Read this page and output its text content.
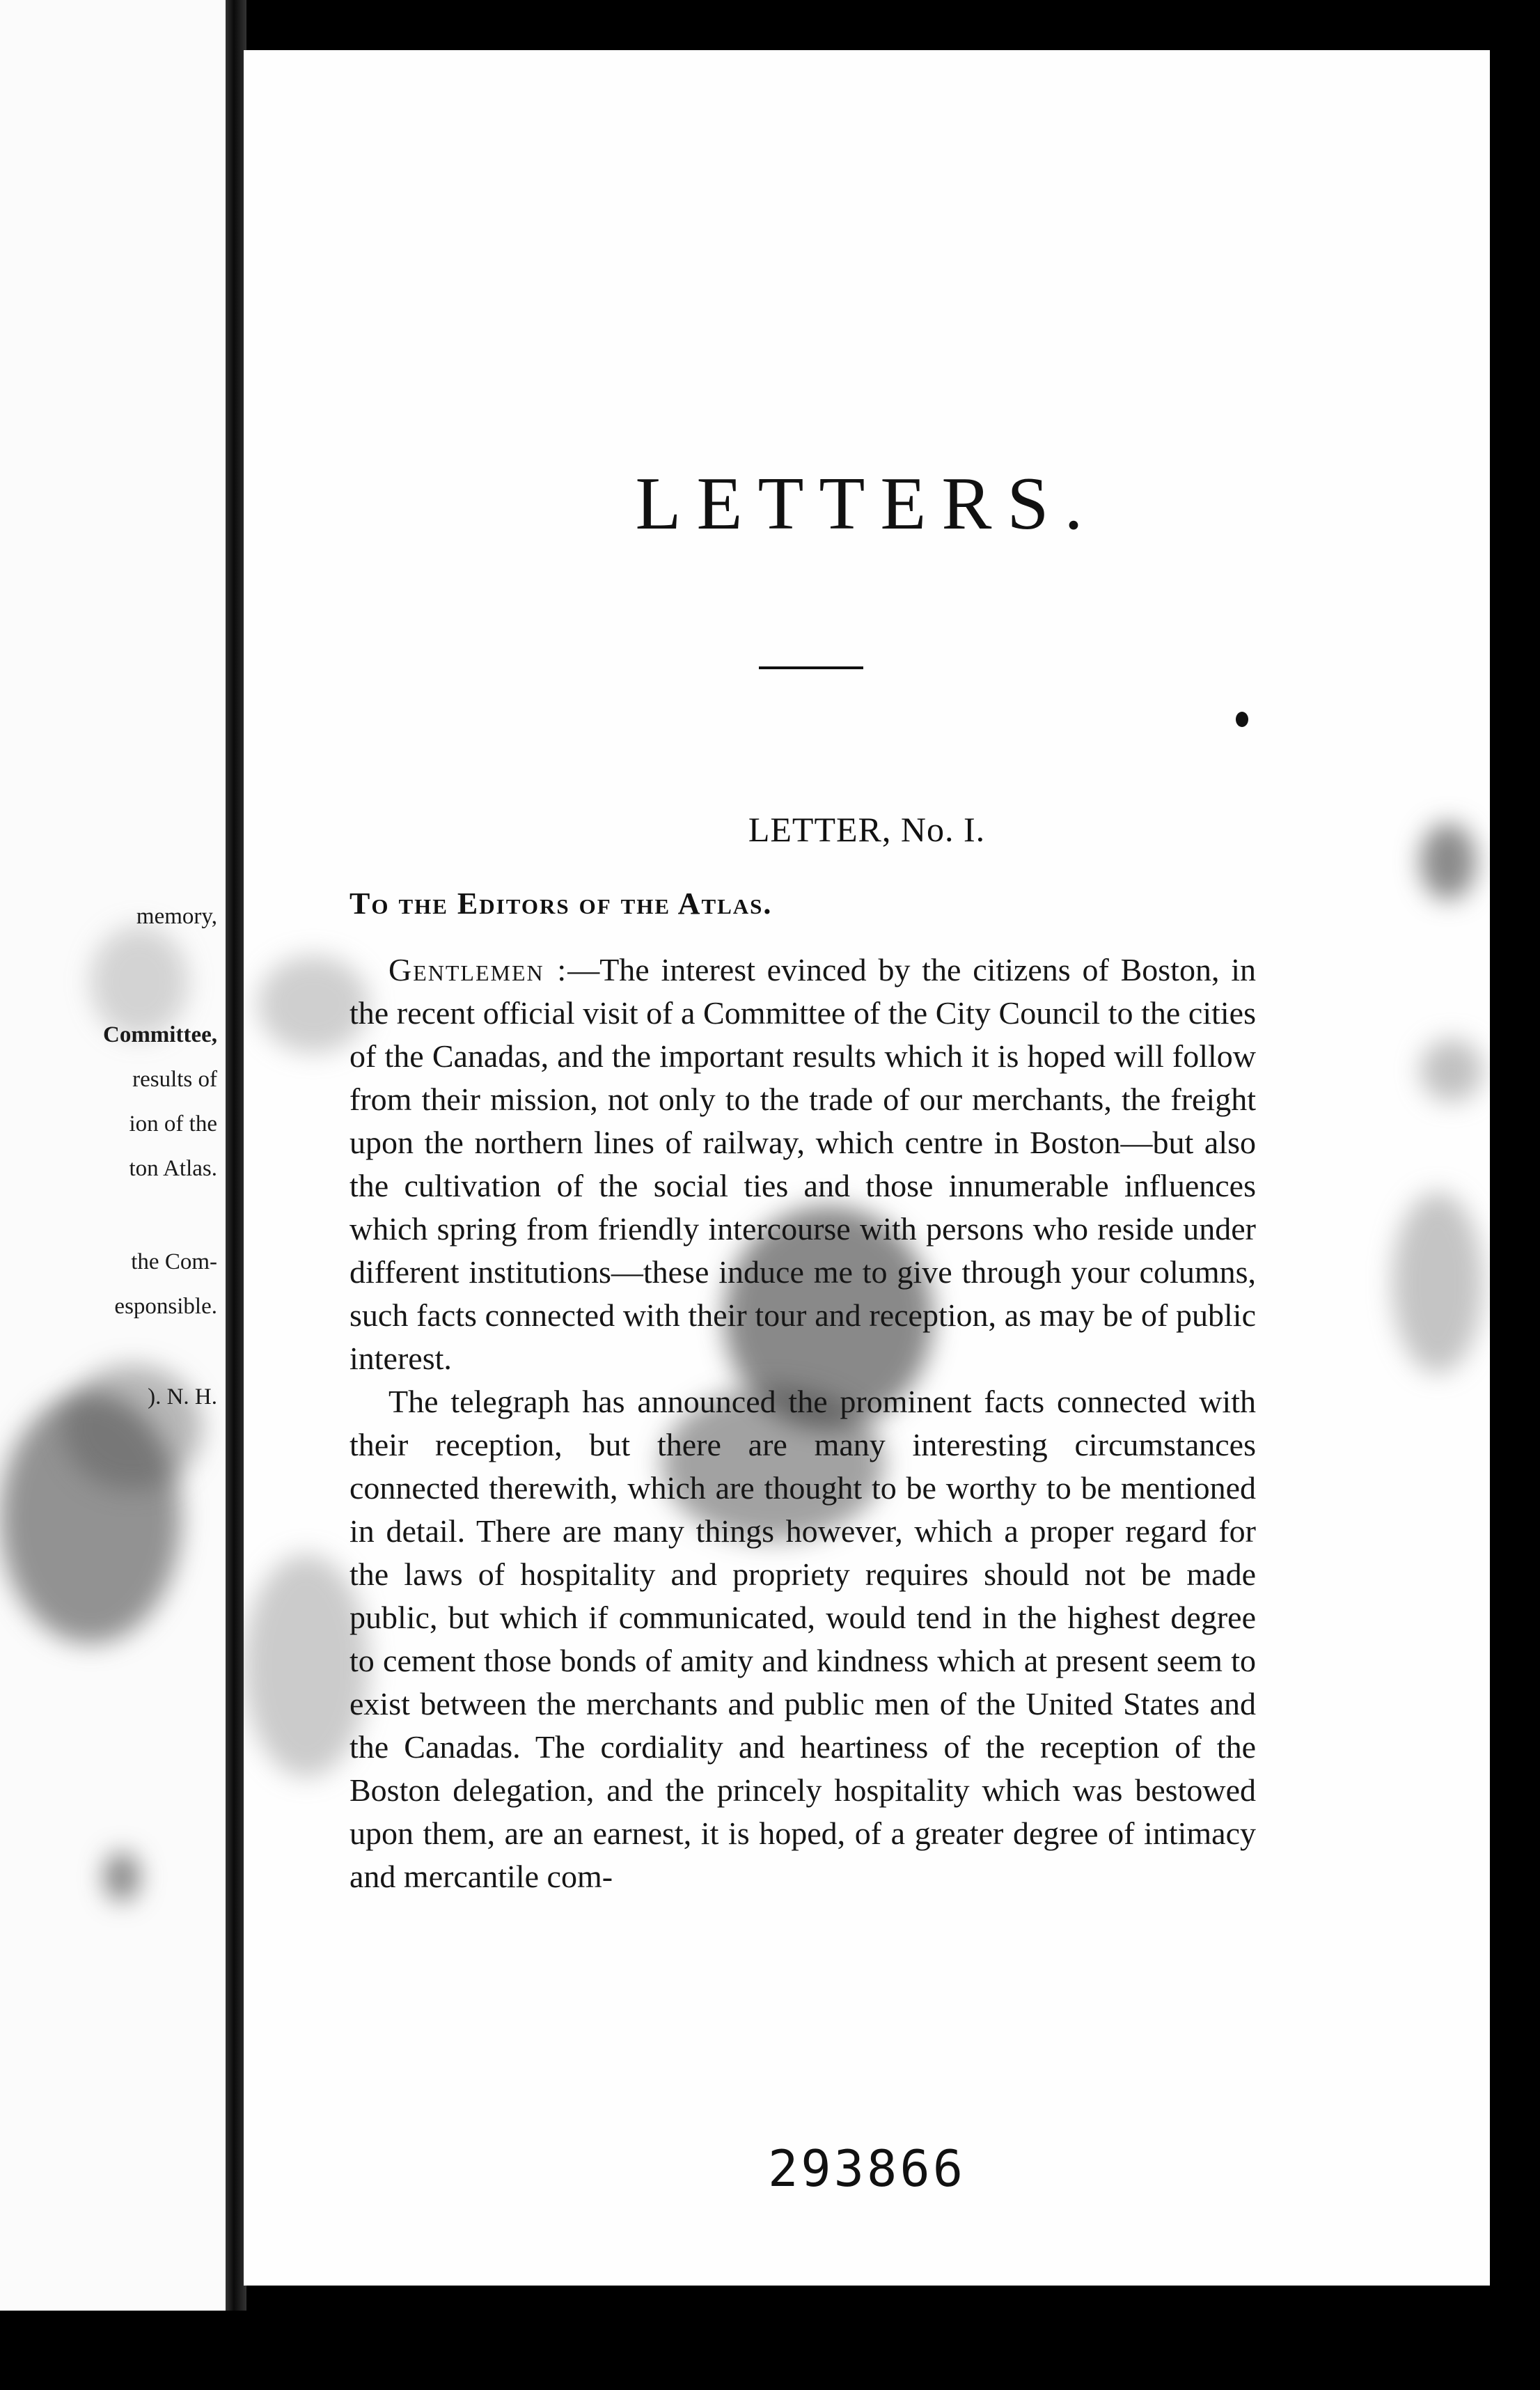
memory,
Committee,
results of
ion of the
ton Atlas.
the Com-
esponsible.
). N. H.
LETTERS.
LETTER, No. I.
To the Editors of the Atlas.

Gentlemen :—The interest evinced by the citizens of Boston, in the recent official visit of a Committee of the City Council to the cities of the Canadas, and the important results which it is hoped will follow from their mission, not only to the trade of our merchants, the freight upon the northern lines of railway, which centre in Boston—but also the cultivation of the social ties and those innumerable influences which spring from friendly intercourse with persons who reside under different institutions—these induce me to give through your columns, such facts connected with their tour and reception, as may be of public interest.

The telegraph has announced the prominent facts connected with their reception, but there are many interesting circumstances connected therewith, which are thought to be worthy to be mentioned in detail. There are many things however, which a proper regard for the laws of hospitality and propriety requires should not be made public, but which if communicated, would tend in the highest degree to cement those bonds of amity and kindness which at present seem to exist between the merchants and public men of the United States and the Canadas. The cordiality and heartiness of the reception of the Boston delegation, and the princely hospitality which was bestowed upon them, are an earnest, it is hoped, of a greater degree of intimacy and mercantile com-

293866
